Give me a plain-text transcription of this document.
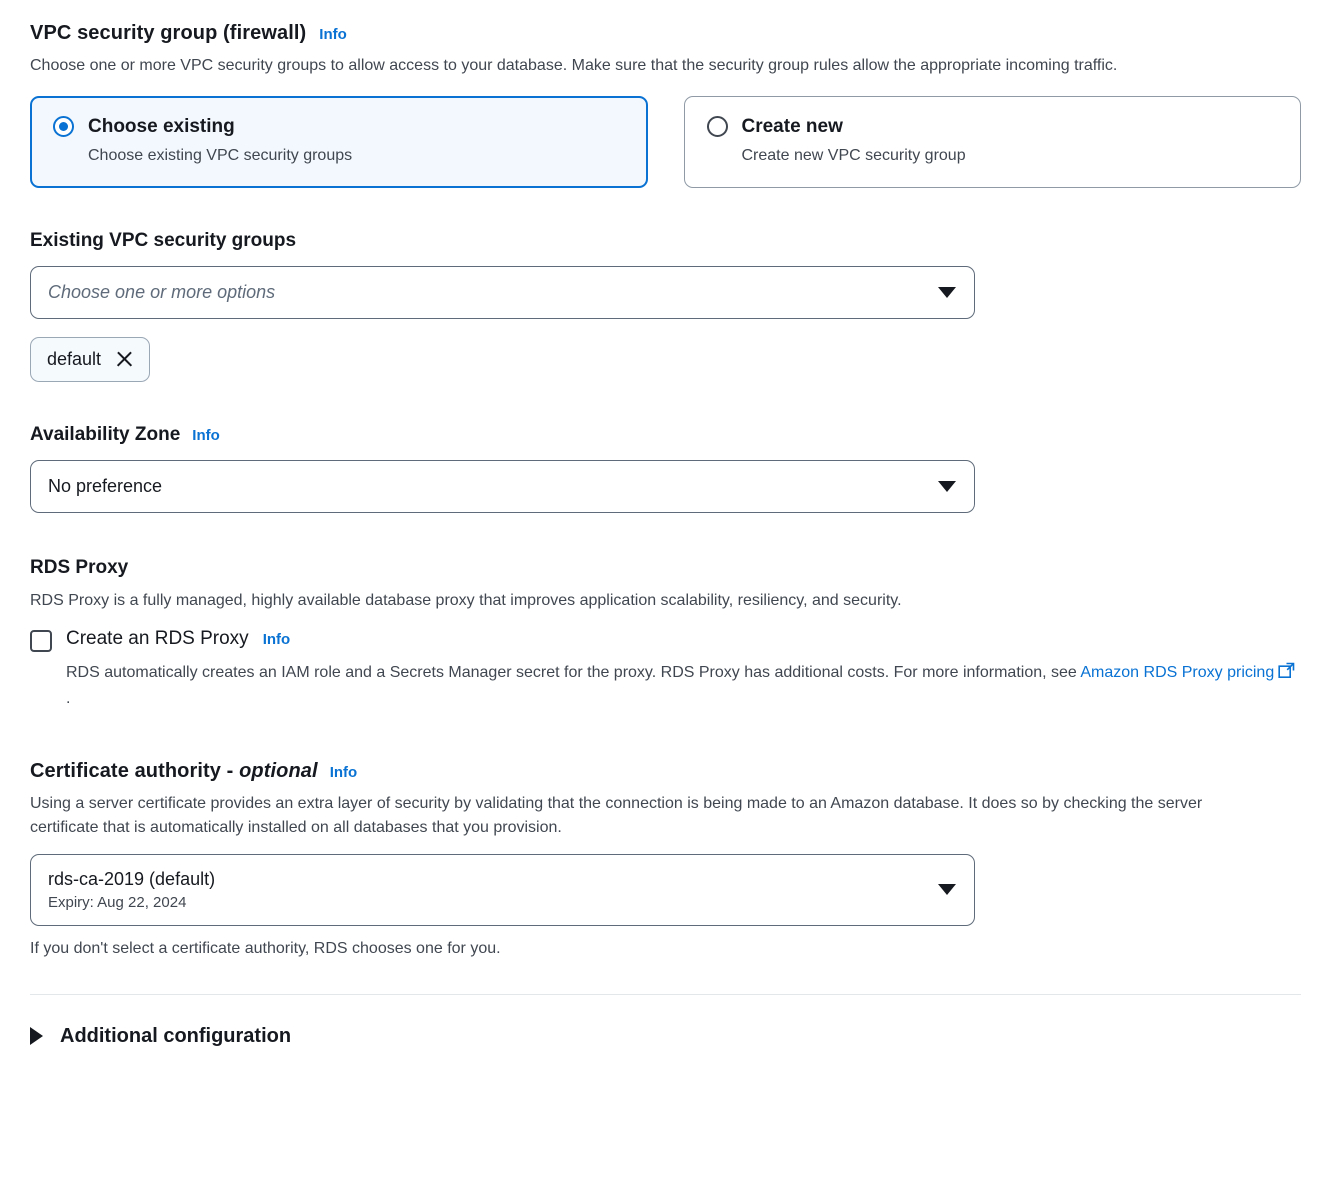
VPC security group (firewall) Info
Choose one or more VPC security groups to allow access to your database. Make sure that the security group rules allow the appropriate incoming traffic.
Choose existing
Choose existing VPC security groups
Create new
Create new VPC security group
Existing VPC security groups
Choose one or more options
default
Availability Zone Info
No preference
RDS Proxy
RDS Proxy is a fully managed, highly available database proxy that improves application scalability, resiliency, and security.
Create an RDS Proxy Info
RDS automatically creates an IAM role and a Secrets Manager secret for the proxy. RDS Proxy has additional costs. For more information, see Amazon RDS Proxy pricing.
Certificate authority - optional Info
Using a server certificate provides an extra layer of security by validating that the connection is being made to an Amazon database. It does so by checking the server certificate that is automatically installed on all databases that you provision.
rds-ca-2019 (default)
Expiry: Aug 22, 2024
If you don't select a certificate authority, RDS chooses one for you.
Additional configuration
